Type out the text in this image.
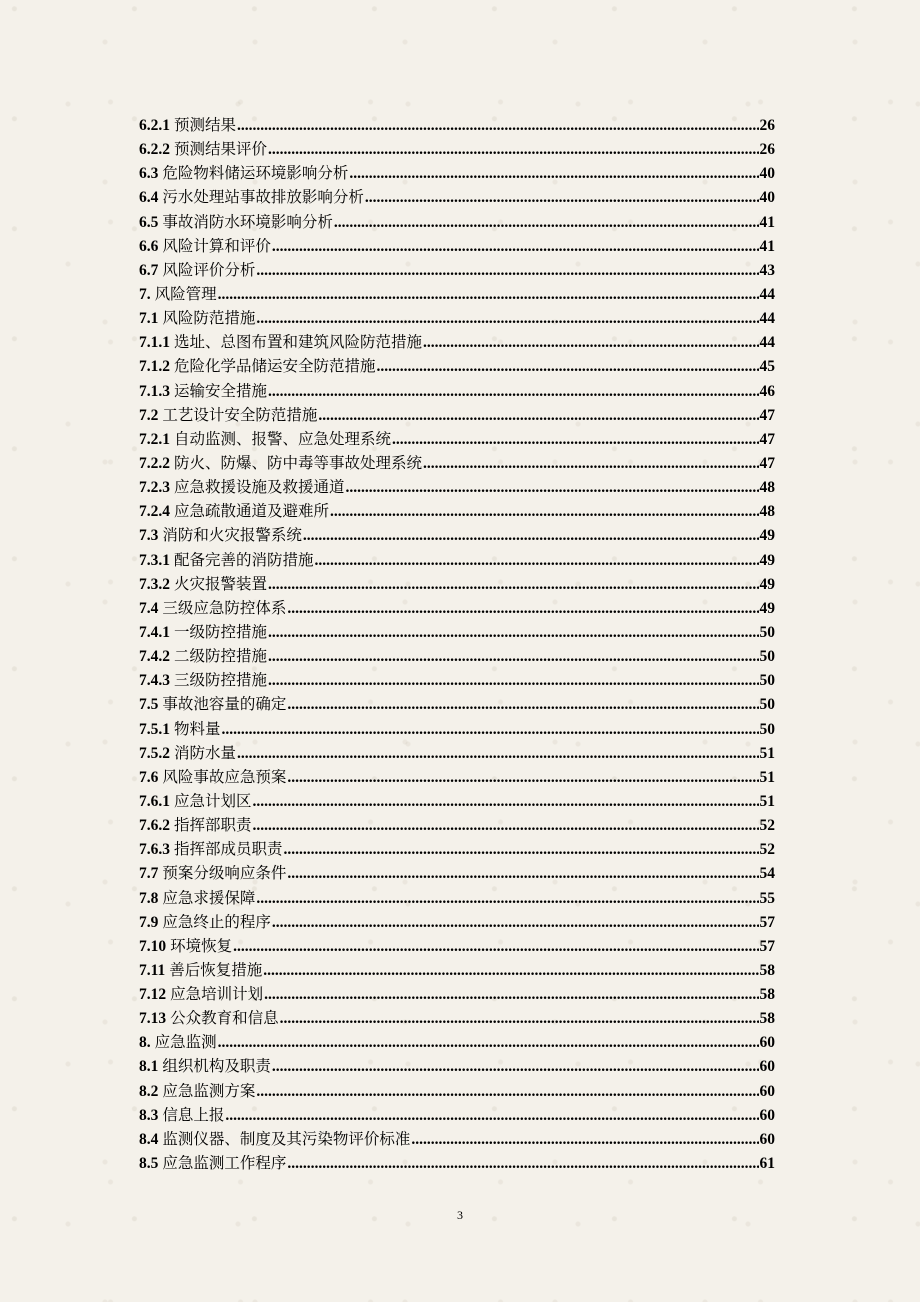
6.2.1 预测结果 .....	26
6.2.2 预测结果评价 .....	26
6.3 危险物料储运环境影响分析 .....	40
6.4 污水处理站事故排放影响分析 .....	40
6.5 事故消防水环境影响分析 .....	41
6.6 风险计算和评价 .....	41
6.7 风险评价分析 .....	43
7. 风险管理 .....	44
7.1 风险防范措施 .....	44
7.1.1 选址、总图布置和建筑风险防范措施 .....	44
7.1.2 危险化学品储运安全防范措施 .....	45
7.1.3 运输安全措施 .....	46
7.2 工艺设计安全防范措施 .....	47
7.2.1 自动监测、报警、应急处理系统 .....	47
7.2.2 防火、防爆、防中毒等事故处理系统 .....	47
7.2.3 应急救援设施及救援通道 .....	48
7.2.4 应急疏散通道及避难所 .....	48
7.3 消防和火灾报警系统 .....	49
7.3.1 配备完善的消防措施 .....	49
7.3.2 火灾报警装置 .....	49
7.4 三级应急防控体系 .....	49
7.4.1 一级防控措施 .....	50
7.4.2 二级防控措施 .....	50
7.4.3 三级防控措施 .....	50
7.5 事故池容量的确定 .....	50
7.5.1 物料量 .....	50
7.5.2 消防水量 .....	51
7.6 风险事故应急预案 .....	51
7.6.1 应急计划区 .....	51
7.6.2 指挥部职责 .....	52
7.6.3 指挥部成员职责 .....	52
7.7 预案分级响应条件 .....	54
7.8 应急求援保障 .....	55
7.9 应急终止的程序 .....	57
7.10 环境恢复 .....	57
7.11 善后恢复措施 .....	58
7.12 应急培训计划 .....	58
7.13 公众教育和信息 .....	58
8. 应急监测 .....	60
8.1 组织机构及职责 .....	60
8.2 应急监测方案 .....	60
8.3 信息上报 .....	60
8.4 监测仪器、制度及其污染物评价标准 .....	60
8.5 应急监测工作程序 .....	61
3
